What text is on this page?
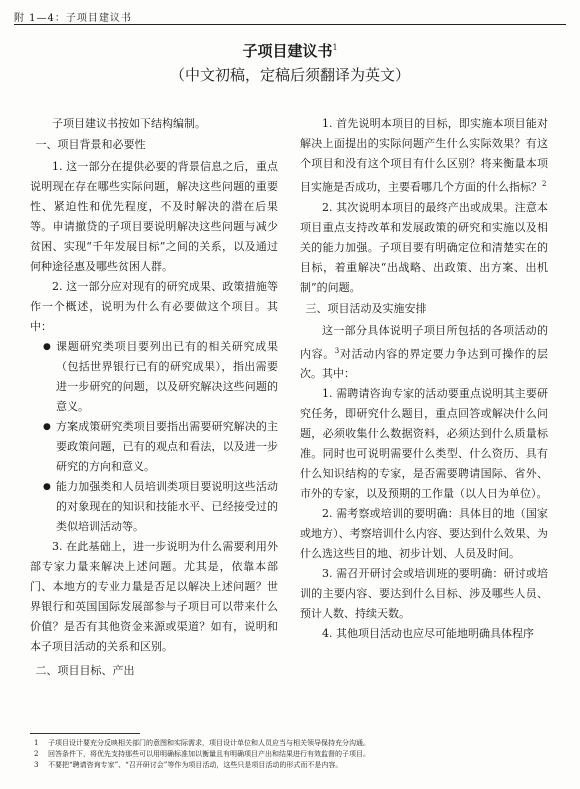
附 1—4：子项目建议书
子项目建议书$^1$
（中文初稿，定稿后须翻译为英文）

子项目建议书按如下结构编制。

一、项目背景和必要性

1. 这一部分在提供必要的背景信息之后，重点说明现在存在哪些实际问题，解决这些问题的重要性、紧迫性和优先程度，不及时解决的潜在后果等。申请撤贷的子项目要说明解决这些问题与减少贫困、实现“千年发展目标”之间的关系，以及通过何种途径惠及哪些贫困人群。

2. 这一部分应对现有的研究成果、政策措施等作一个概述，说明为什么有必要做这个项目。其中：

● 课题研究类项目要列出已有的相关研究成果（包括世界银行已有的研究成果），指出需要进一步研究的问题，以及研究解决这些问题的意义。

● 方案成策研究类项目要指出需要研究解决的主要政策问题，已有的观点和看法，以及进一步研究的方向和意义。

● 能力加强类和人员培训类项目要说明这些活动的对象现在的知识和技能水平、已经接受过的类似培训活动等。

3. 在此基础上，进一步说明为什么需要利用外部专家力量来解决上述问题。尤其是，依靠本部门、本地方的专业力量是否足以解决上述问题？世界银行和英国国际发展部参与子项目可以带来什么价值？是否有其他资金来源或渠道？如有，说明和本子项目活动的关系和区别。

二、项目目标、产出

1. 首先说明本项目的目标，即实施本项目能对解决上面提出的实际问题产生什么实际效果？有这个项目和没有这个项目有什么区别？将来衡量本项目实施是否成功，主要看哪几个方面的什么指标？$^2$

2. 其次说明本项目的最终产出或成果。注意本项目重点支持改革和发展政策的研究和实施以及相关的能力加强。子项目要有明确定位和清楚实在的目标，着重解决“出战略、出政策、出方案、出机制”的问题。

三、项目活动及实施安排

这一部分具体说明子项目所包括的各项活动的内容。$^3$对活动内容的界定要力争达到可操作的层次。其中：

1. 需聘请咨询专家的活动要重点说明其主要研究任务，即研究什么题目，重点回答或解决什么问题，必须收集什么数据资料，必须达到什么质量标准。同时也可说明需要什么类型、什么资历、具有什么知识结构的专家，是否需要聘请国际、省外、市外的专家，以及预期的工作量（以人日为单位）。

2. 需考察或培训的要明确：具体目的地（国家或地方）、考察培训什么内容、要达到什么效果、为什么选这些目的地、初步计划、人员及时间。

3. 需召开研讨会或培训班的要明确：研讨或培训的主要内容、要达到什么目标、涉及哪些人员、预计人数、持续天数。

4. 其他项目活动也应尽可能地明确具体程序

1 子项目设计要充分反映相关部门的意图和实际需求，项目设计单位和人员应当与相关领导保持充分沟通。
2 回答条件下，将优先支持那些可以用明确标准加以衡量且有明确项目产出和结果进行有效监督的子项目。
3 不要把“聘请咨询专家”、“召开研讨会”等作为项目活动，这些只是项目活动的形式而不是内容。
